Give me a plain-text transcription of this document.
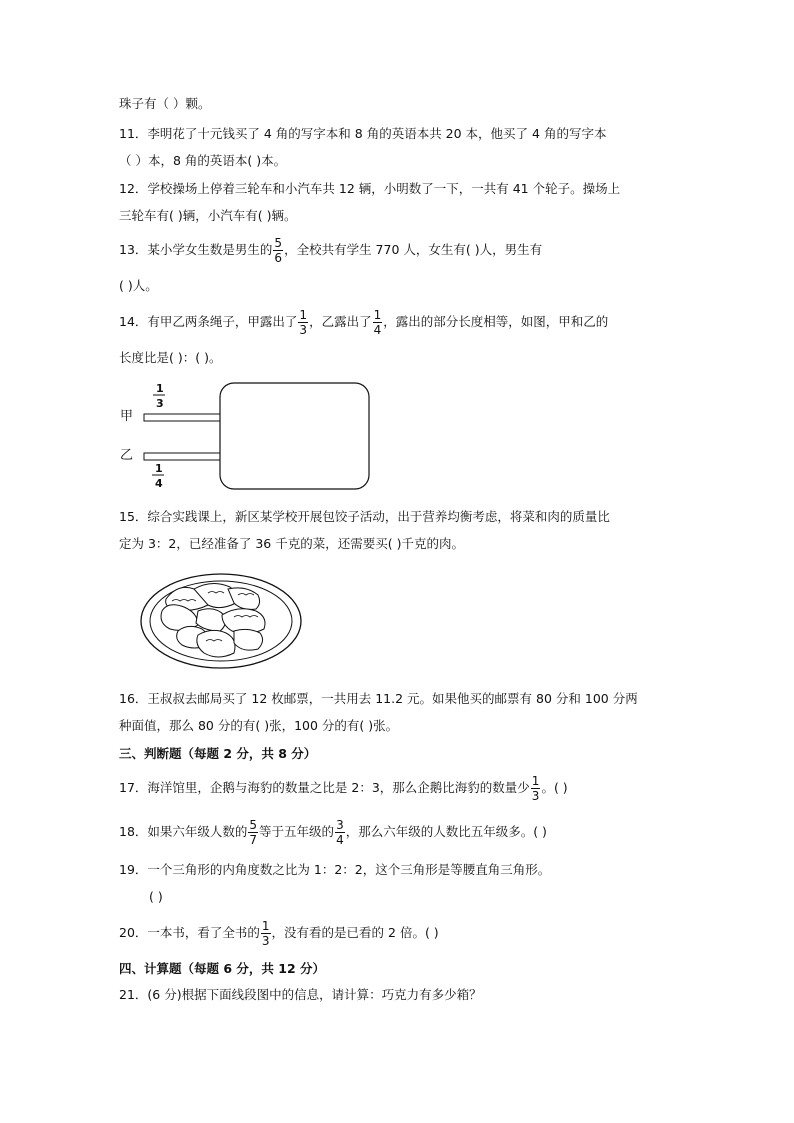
珠子有（ ）颗。
11．李明花了十元钱买了 4 角的写字本和 8 角的英语本共 20 本，他买了 4 角的写字本
（ ）本，8 角的英语本( )本。
12．学校操场上停着三轮车和小汽车共 12 辆，小明数了一下，一共有 41 个轮子。操场上
三轮车有( )辆，小汽车有( )辆。
13．某小学女生数是男生的 $\frac{5}{6}$ ，全校共有学生 770 人，女生有( )人，男生有
( )人。
14．有甲乙两条绳子，甲露出了 $\frac{1}{3}$ ，乙露出了 $\frac{1}{4}$ ，露出的部分长度相等，如图，甲和乙的
长度比是( )：( )。
甲
乙
1
3
1
4
15．综合实践课上，新区某学校开展包饺子活动，出于营养均衡考虑，将菜和肉的质量比
定为 3：2，已经准备了 36 千克的菜，还需要买( )千克的肉。
16．王叔叔去邮局买了 12 枚邮票，一共用去 11.2 元。如果他买的邮票有 80 分和 100 分两
种面值，那么 80 分的有( )张，100 分的有( )张。
三、判断题（每题 2 分，共 8 分）
17．海洋馆里，企鹅与海豹的数量之比是 2：3，那么企鹅比海豹的数量少 $\frac{1}{3}$ 。( )
18．如果六年级人数的 $\frac{5}{7}$ 等于五年级的 $\frac{3}{4}$ ，那么六年级的人数比五年级多。( )
19．一个三角形的内角度数之比为 1：2：2，这个三角形是等腰直角三角形。
( )
20．一本书，看了全书的 $\frac{1}{3}$ ，没有看的是已看的 2 倍。( )
四、计算题（每题 6 分，共 12 分）
21．(6 分)根据下面线段图中的信息，请计算：巧克力有多少箱？
